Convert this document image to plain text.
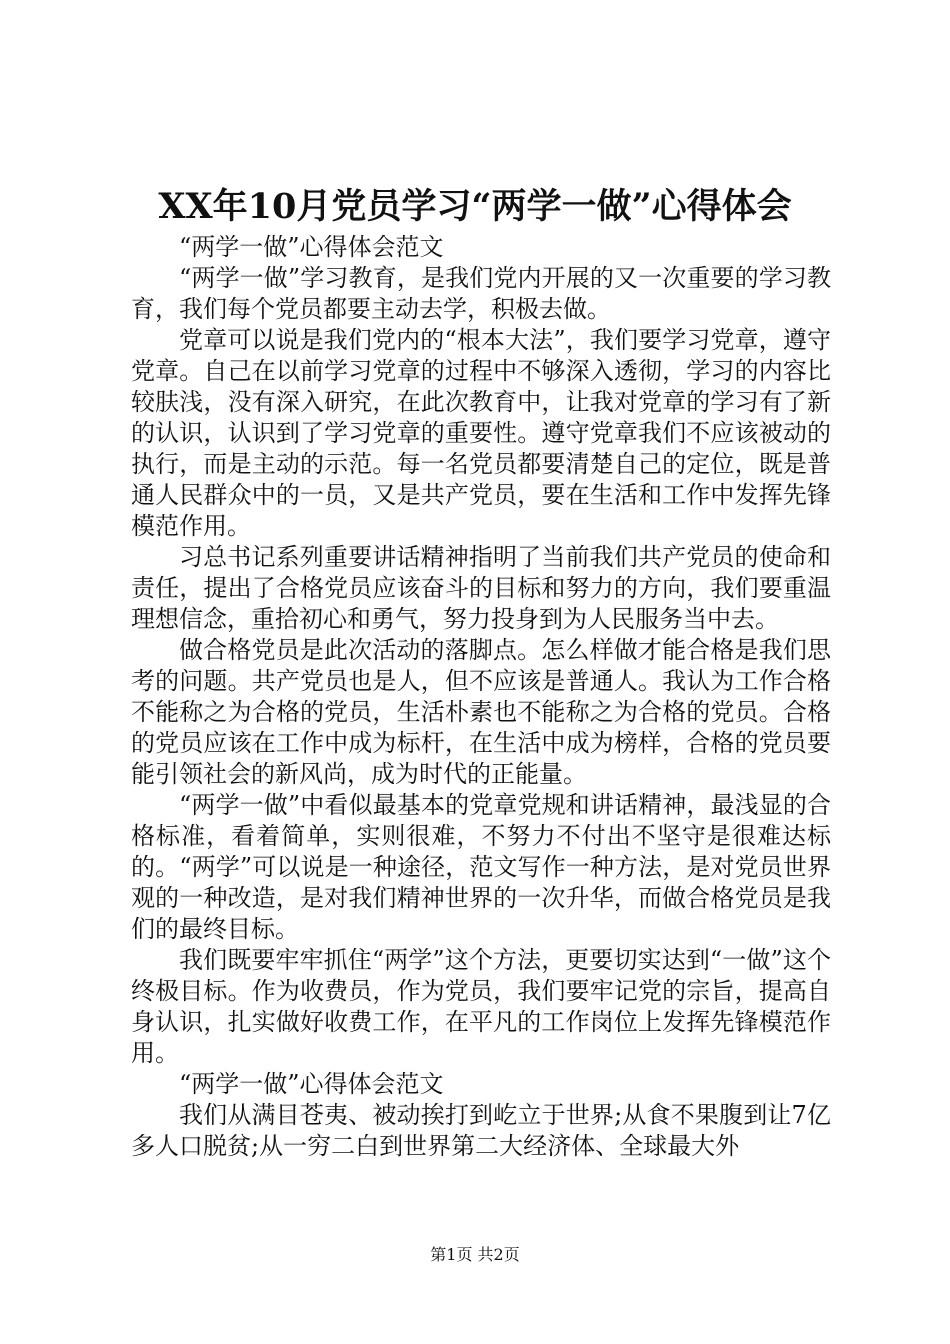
XX年10月党员学习“两学一做”心得体会

“两学一做”心得体会范文

“两学一做”学习教育，是我们党内开展的又一次重要的学习教育，我们每个党员都要主动去学，积极去做。

党章可以说是我们党内的“根本大法”，我们要学习党章，遵守党章。自己在以前学习党章的过程中不够深入透彻，学习的内容比较肤浅，没有深入研究，在此次教育中，让我对党章的学习有了新的认识，认识到了学习党章的重要性。遵守党章我们不应该被动的执行，而是主动的示范。每一名党员都要清楚自己的定位，既是普通人民群众中的一员，又是共产党员，要在生活和工作中发挥先锋模范作用。

习总书记系列重要讲话精神指明了当前我们共产党员的使命和责任，提出了合格党员应该奋斗的目标和努力的方向，我们要重温理想信念，重拾初心和勇气，努力投身到为人民服务当中去。

做合格党员是此次活动的落脚点。怎么样做才能合格是我们思考的问题。共产党员也是人，但不应该是普通人。我认为工作合格不能称之为合格的党员，生活朴素也不能称之为合格的党员。合格的党员应该在工作中成为标杆，在生活中成为榜样，合格的党员要能引领社会的新风尚，成为时代的正能量。

“两学一做”中看似最基本的党章党规和讲话精神，最浅显的合格标准，看着简单，实则很难，不努力不付出不坚守是很难达标的。“两学”可以说是一种途径，范文写作一种方法，是对党员世界观的一种改造，是对我们精神世界的一次升华，而做合格党员是我们的最终目标。

我们既要牢牢抓住“两学”这个方法，更要切实达到“一做”这个终极目标。作为收费员，作为党员，我们要牢记党的宗旨，提高自身认识，扎实做好收费工作，在平凡的工作岗位上发挥先锋模范作用。

“两学一做”心得体会范文

我们从满目苍夷、被动挨打到屹立于世界;从食不果腹到让7亿多人口脱贫;从一穷二白到世界第二大经济体、全球最大外

第1页 共2页
